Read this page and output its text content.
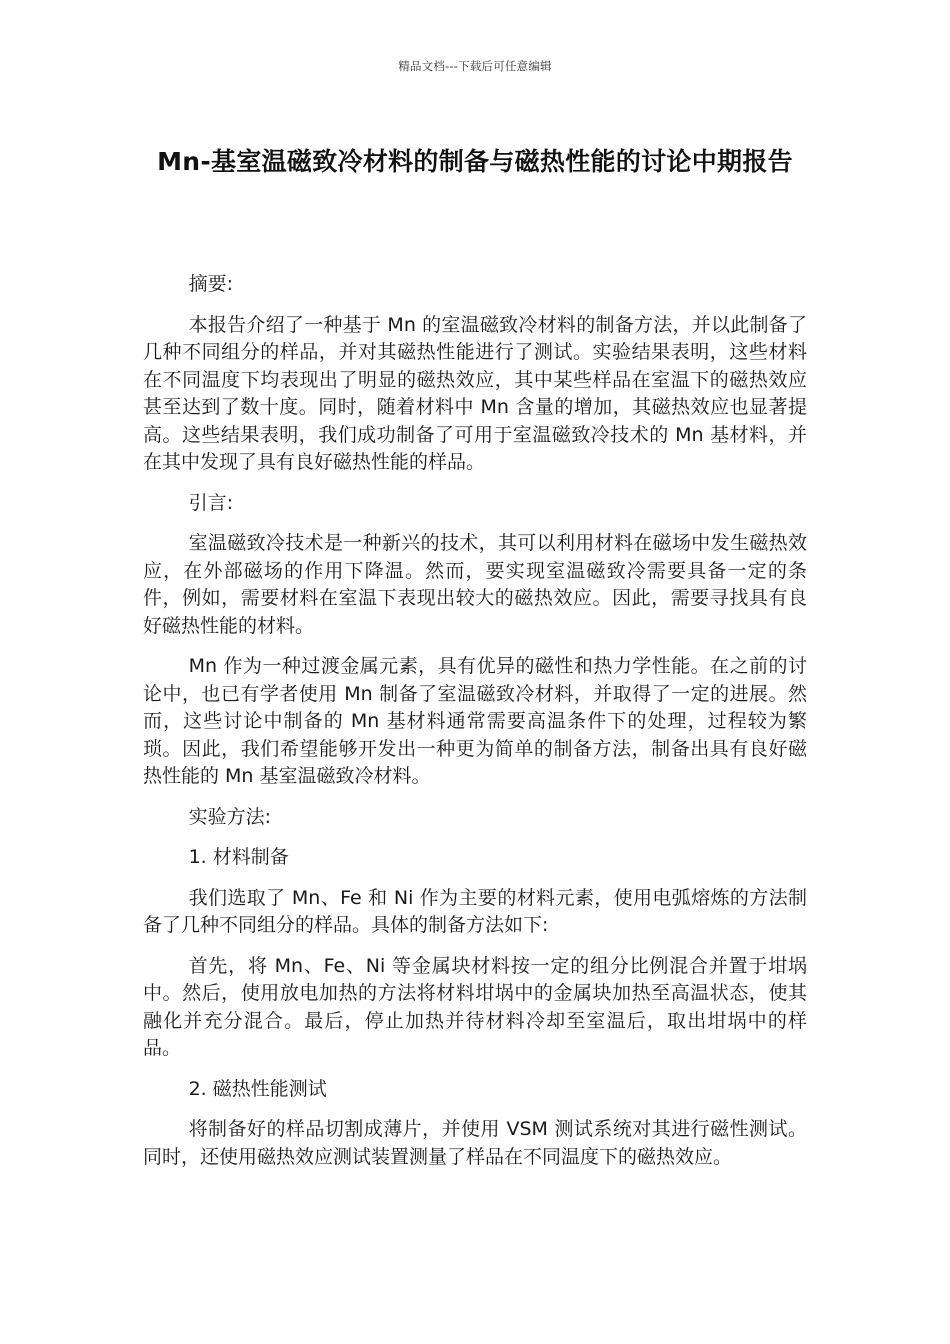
精品文档---下载后可任意编辑
Mn-基室温磁致冷材料的制备与磁热性能的讨论中期报告

摘要:

本报告介绍了一种基于 Mn 的室温磁致冷材料的制备方法，并以此制备了几种不同组分的样品，并对其磁热性能进行了测试。实验结果表明，这些材料在不同温度下均表现出了明显的磁热效应，其中某些样品在室温下的磁热效应甚至达到了数十度。同时，随着材料中 Mn 含量的增加，其磁热效应也显著提高。这些结果表明，我们成功制备了可用于室温磁致冷技术的 Mn 基材料，并在其中发现了具有良好磁热性能的样品。

引言:

室温磁致冷技术是一种新兴的技术，其可以利用材料在磁场中发生磁热效应，在外部磁场的作用下降温。然而，要实现室温磁致冷需要具备一定的条件，例如，需要材料在室温下表现出较大的磁热效应。因此，需要寻找具有良好磁热性能的材料。

Mn 作为一种过渡金属元素，具有优异的磁性和热力学性能。在之前的讨论中，也已有学者使用 Mn 制备了室温磁致冷材料，并取得了一定的进展。然而，这些讨论中制备的 Mn 基材料通常需要高温条件下的处理，过程较为繁琐。因此，我们希望能够开发出一种更为简单的制备方法，制备出具有良好磁热性能的 Mn 基室温磁致冷材料。

实验方法:

1. 材料制备

我们选取了 Mn、Fe 和 Ni 作为主要的材料元素，使用电弧熔炼的方法制备了几种不同组分的样品。具体的制备方法如下:

首先，将 Mn、Fe、Ni 等金属块材料按一定的组分比例混合并置于坩埚中。然后，使用放电加热的方法将材料坩埚中的金属块加热至高温状态，使其融化并充分混合。最后，停止加热并待材料冷却至室温后，取出坩埚中的样品。

2. 磁热性能测试

将制备好的样品切割成薄片，并使用 VSM 测试系统对其进行磁性测试。同时，还使用磁热效应测试装置测量了样品在不同温度下的磁热效应。
